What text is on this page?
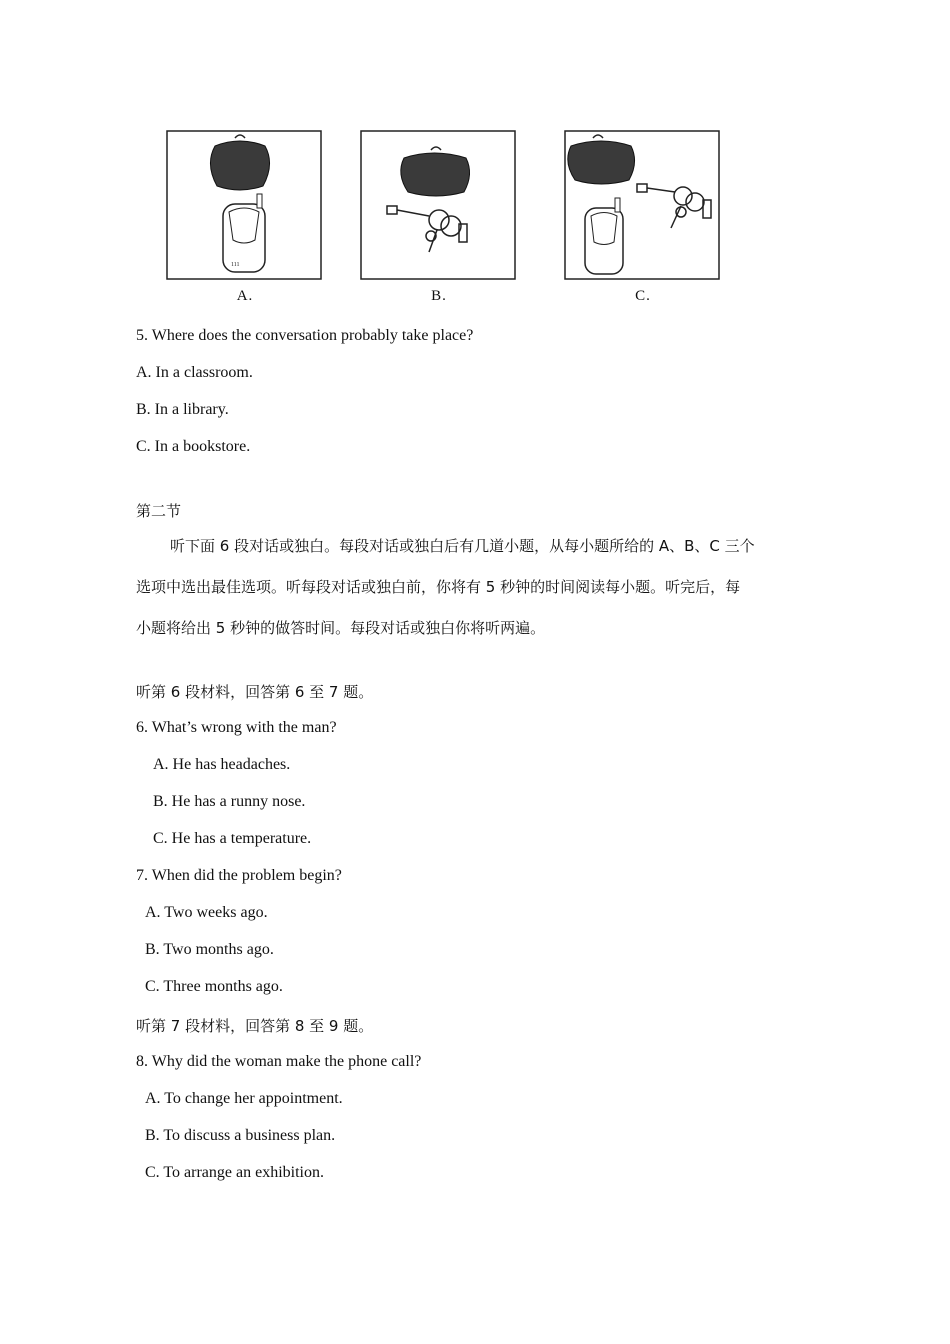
111
A.	B.	C.
5. Where does the conversation probably take place?
A. In a classroom.
B. In a library.
C. In a bookstore.
第二节
听下面 6 段对话或独白。每段对话或独白后有几道小题，从每小题所给的 A、B、C 三个
选项中选出最佳选项。听每段对话或独白前，你将有 5 秒钟的时间阅读每小题。听完后，每
小题将给出 5 秒钟的做答时间。每段对话或独白你将听两遍。
听第 6 段材料，回答第 6 至 7 题。
6. What’s wrong with the man?
A. He has headaches.
B. He has a runny nose.
C. He has a temperature.
7. When did the problem begin?
A. Two weeks ago.
B. Two months ago.
C. Three months ago.
听第 7 段材料，回答第 8 至 9 题。
8. Why did the woman make the phone call?
A. To change her appointment.
B. To discuss a business plan.
C. To arrange an exhibition.
